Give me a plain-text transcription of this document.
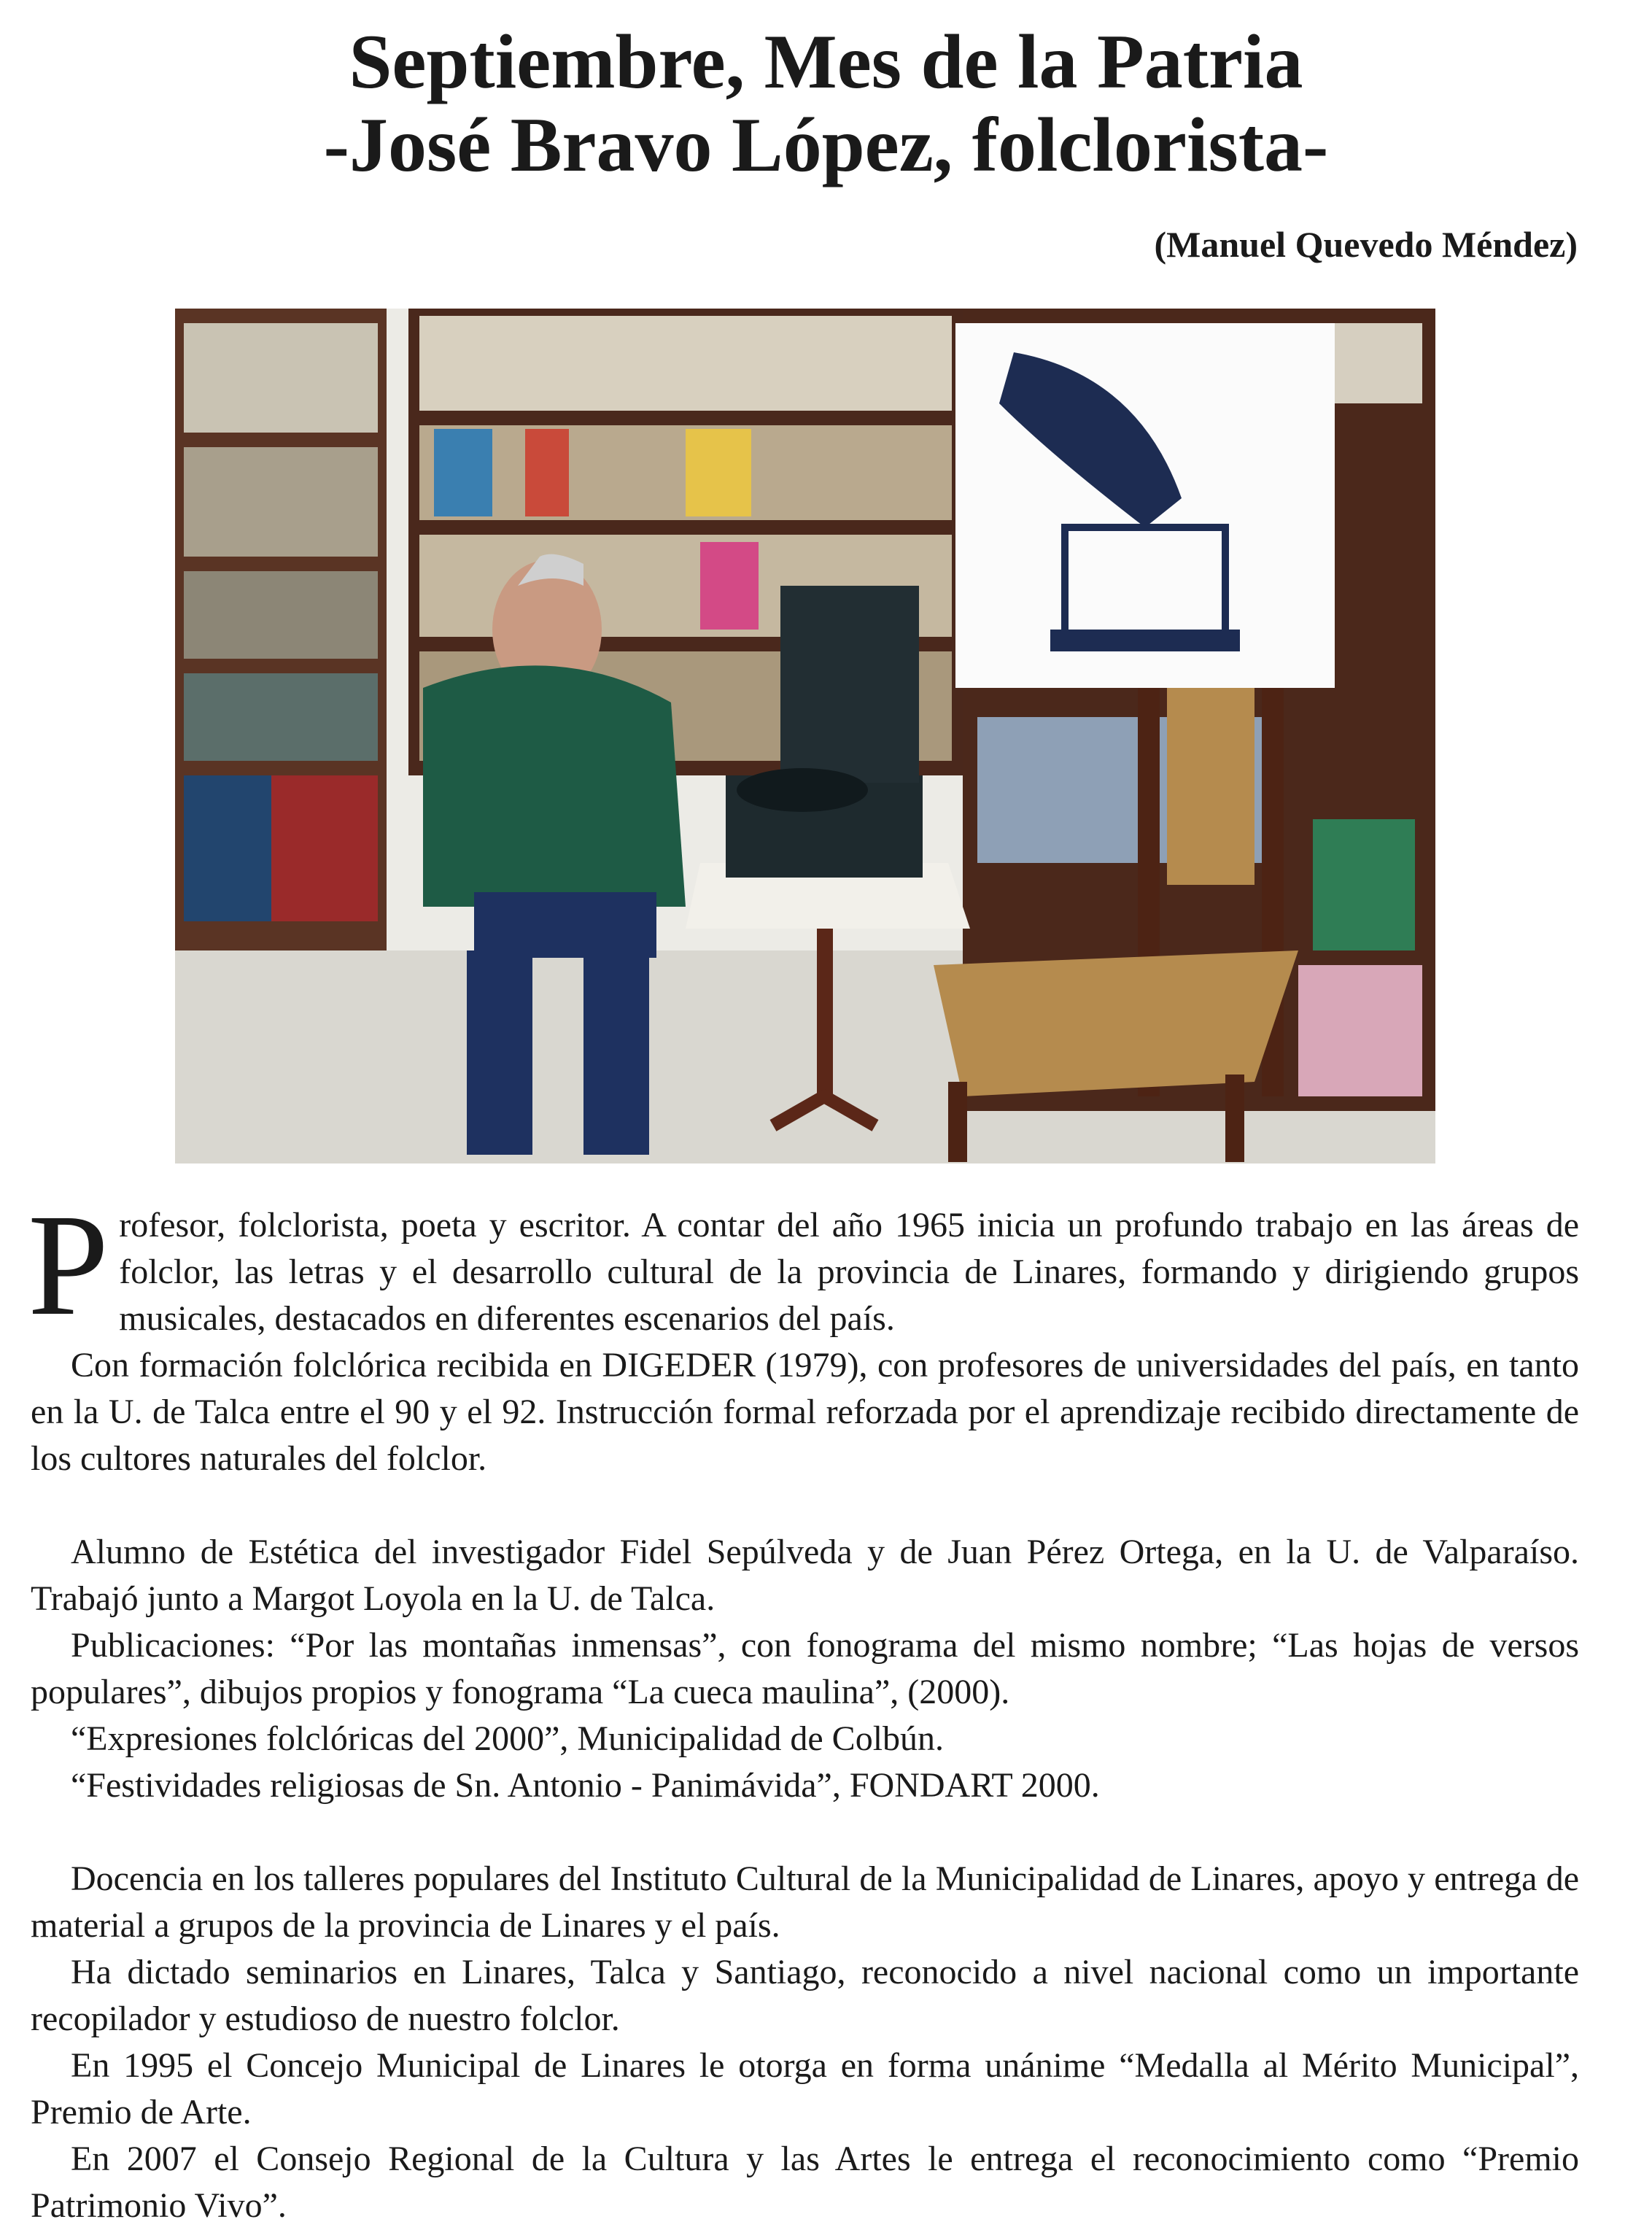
Septiembre, Mes de la Patria
-José Bravo López, folclorista-
(Manuel Quevedo Méndez)

Profesor, folclorista, poeta y escritor. A contar del año 1965 inicia un profundo trabajo en las áreas de folclor, las letras y el desarrollo cultural de la provincia de Linares, formando y dirigiendo grupos musicales, destacados en diferentes escenarios del país.

Con formación folclórica recibida en DIGEDER (1979), con profesores de universidades del país, en tanto en la U. de Talca entre el 90 y el 92. Instrucción formal reforzada por el aprendizaje recibido directamente de los cultores naturales del folclor.

Alumno de Estética del investigador Fidel Sepúlveda y de Juan Pérez Ortega, en la U. de Valparaíso. Trabajó junto a Margot Loyola en la U. de Talca.

Publicaciones: “Por las montañas inmensas”, con fonograma del mismo nombre; “Las hojas de versos populares”, dibujos propios y fonograma “La cueca maulina”, (2000).

“Expresiones folclóricas del 2000”, Municipalidad de Colbún.

“Festividades religiosas de Sn. Antonio - Panimávida”, FONDART 2000.

Docencia en los talleres populares del Instituto Cultural de la Municipalidad de Linares, apoyo y entrega de material a grupos de la provincia de Linares y el país.

Ha dictado seminarios en Linares, Talca y Santiago, reconocido a nivel nacional como un importante recopilador y estudioso de nuestro folclor.

En 1995 el Concejo Municipal de Linares le otorga en forma unánime “Medalla al Mérito Municipal”, Premio de Arte.

En 2007 el Consejo Regional de la Cultura y las Artes le entrega el reconocimiento como “Premio Patrimonio Vivo”.
